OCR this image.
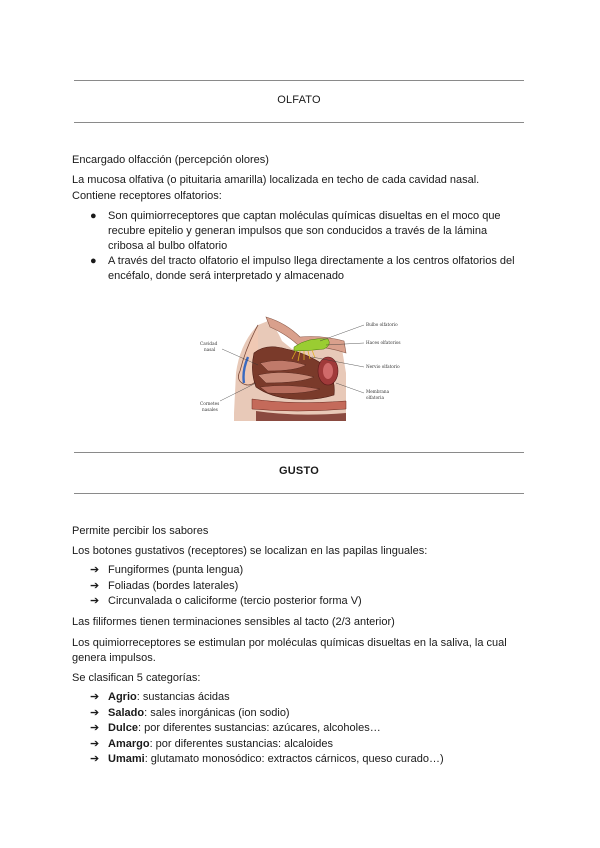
OLFATO
Encargado olfacción (percepción olores)
La mucosa olfativa (o pituitaria amarilla) localizada en techo de cada cavidad nasal.
Contiene receptores olfatorios:
● Son quimiorreceptores que captan moléculas químicas disueltas en el moco que
recubre epitelio y generan impulsos que son conducidos a través de la lámina
cribosa al bulbo olfatorio
● A través del tracto olfatorio el impulso llega directamente a los centros olfatorios del
encéfalo, donde será interpretado y almacenado
Bulbo olfatorio
Haces olfatorios
Nervio olfatorio
Membrana
olfatoria
Cavidad
nasal
Cornetes
nasales
GUSTO
Permite percibir los sabores
Los botones gustativos (receptores) se localizan en las papilas linguales:
➔ Fungiformes (punta lengua)
➔ Foliadas (bordes laterales)
➔ Circunvalada o caliciforme (tercio posterior forma V)
Las filiformes tienen terminaciones sensibles al tacto (2/3 anterior)
Los quimiorreceptores se estimulan por moléculas químicas disueltas en la saliva, la cual
genera impulsos.
Se clasifican 5 categorías:
➔ Agrio: sustancias ácidas
➔ Salado: sales inorgánicas (ion sodio)
➔ Dulce: por diferentes sustancias: azúcares, alcoholes…
➔ Amargo: por diferentes sustancias: alcaloides
➔ Umami: glutamato monosódico: extractos cárnicos, queso curado…)
